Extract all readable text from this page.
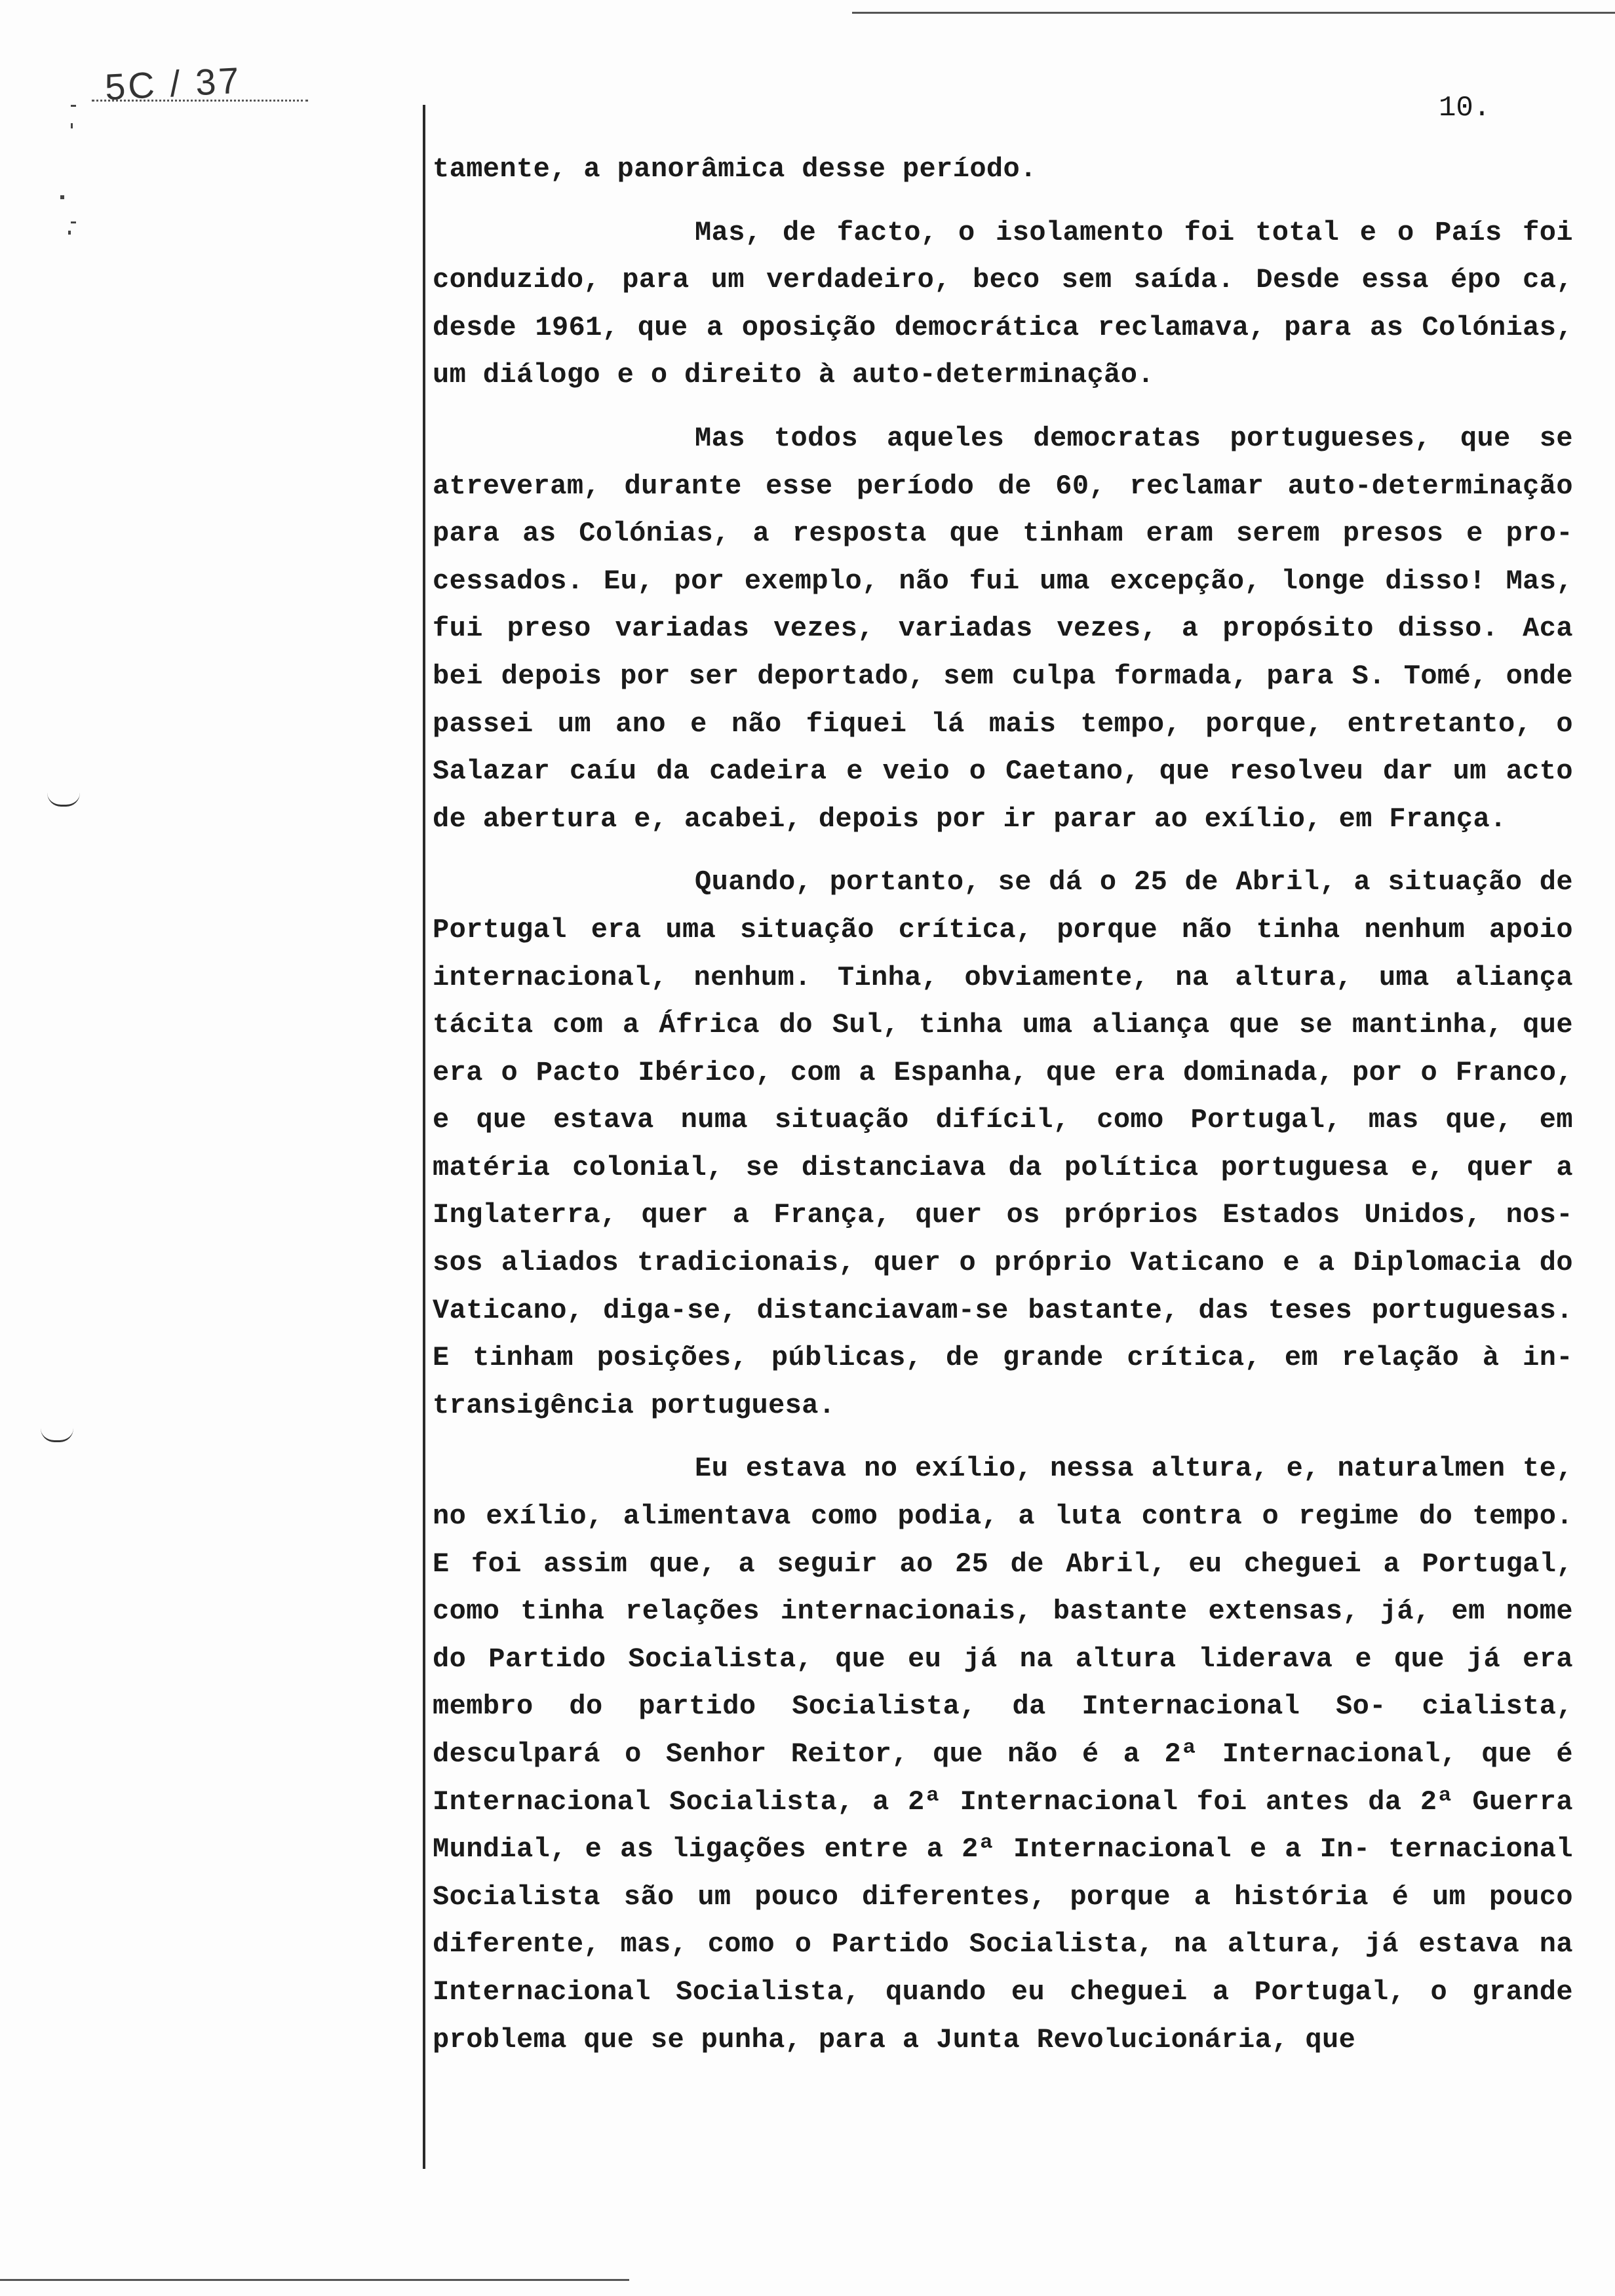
5C / 37
10.

tamente, a panorâmica desse período.

Mas, de facto, o isolamento foi total e o País foi conduzido, para um verdadeiro, beco sem saída. Desde essa épo ca, desde 1961, que a oposição democrática reclamava, para as Colónias, um diálogo e o direito à auto-determinação.

Mas todos aqueles democratas portugueses, que se atreveram, durante esse período de 60, reclamar auto-determinação para as Colónias, a resposta que tinham eram serem presos e pro- cessados. Eu, por exemplo, não fui uma excepção, longe disso! Mas, fui preso variadas vezes, variadas vezes, a propósito disso. Aca bei depois por ser deportado, sem culpa formada, para S. Tomé, onde passei um ano e não fiquei lá mais tempo, porque, entretanto, o Salazar caíu da cadeira e veio o Caetano, que resolveu dar um acto de abertura e, acabei, depois por ir parar ao exílio, em França.

Quando, portanto, se dá o 25 de Abril, a situação de Portugal era uma situação crítica, porque não tinha nenhum apoio internacional, nenhum. Tinha, obviamente, na altura, uma aliança tácita com a África do Sul, tinha uma aliança que se mantinha, que era o Pacto Ibérico, com a Espanha, que era dominada, por o Franco, e que estava numa situação difícil, como Portugal, mas que, em matéria colonial, se distanciava da política portuguesa e, quer a Inglaterra, quer a França, quer os próprios Estados Unidos, nos- sos aliados tradicionais, quer o próprio Vaticano e a Diplomacia do Vaticano, diga-se, distanciavam-se bastante, das teses portuguesas. E tinham posições, públicas, de grande crítica, em relação à in- transigência portuguesa.

Eu estava no exílio, nessa altura, e, naturalmen te, no exílio, alimentava como podia, a luta contra o regime do tempo. E foi assim que, a seguir ao 25 de Abril, eu cheguei a Portugal, como tinha relações internacionais, bastante extensas, já, em nome do Partido Socialista, que eu já na altura liderava e que já era membro do partido Socialista, da Internacional So- cialista, desculpará o Senhor Reitor, que não é a 2ª Internacional, que é Internacional Socialista, a 2ª Internacional foi antes da 2ª Guerra Mundial, e as ligações entre a 2ª Internacional e a In- ternacional Socialista são um pouco diferentes, porque a história é um pouco diferente, mas, como o Partido Socialista, na altura, já estava na Internacional Socialista, quando eu cheguei a Portugal, o grande problema que se punha, para a Junta Revolucionária, que
